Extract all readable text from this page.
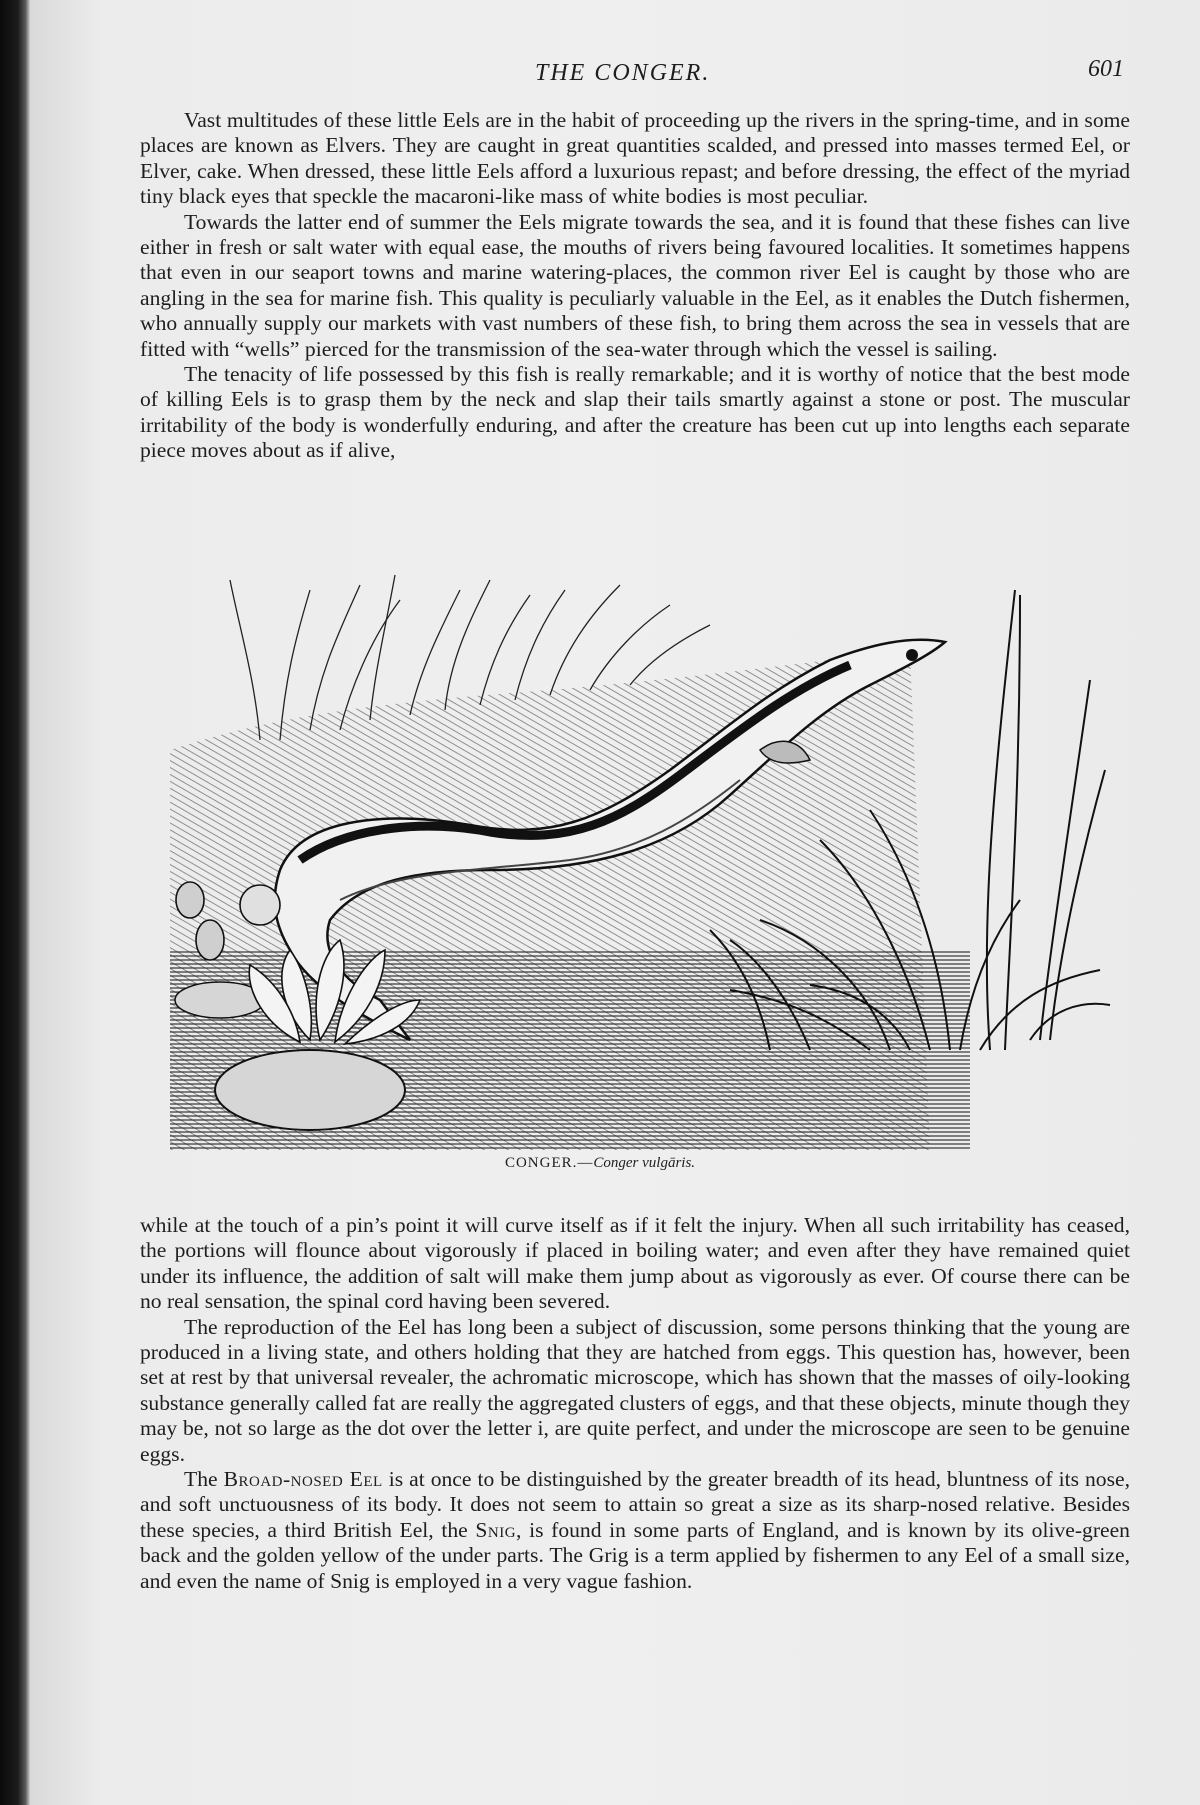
THE CONGER.	601

Vast multitudes of these little Eels are in the habit of proceeding up the rivers in the spring-time, and in some places are known as Elvers. They are caught in great quantities scalded, and pressed into masses termed Eel, or Elver, cake. When dressed, these little Eels afford a luxurious repast; and before dressing, the effect of the myriad tiny black eyes that speckle the macaroni-like mass of white bodies is most peculiar.

Towards the latter end of summer the Eels migrate towards the sea, and it is found that these fishes can live either in fresh or salt water with equal ease, the mouths of rivers being favoured localities. It sometimes happens that even in our seaport towns and marine watering-places, the common river Eel is caught by those who are angling in the sea for marine fish. This quality is peculiarly valuable in the Eel, as it enables the Dutch fishermen, who annually supply our markets with vast numbers of these fish, to bring them across the sea in vessels that are fitted with “wells” pierced for the transmission of the sea-water through which the vessel is sailing.

The tenacity of life possessed by this fish is really remarkable; and it is worthy of notice that the best mode of killing Eels is to grasp them by the neck and slap their tails smartly against a stone or post. The muscular irritability of the body is wonderfully enduring, and after the creature has been cut up into lengths each separate piece moves about as if alive,

CONGER.—Conger vulgāris.

while at the touch of a pin’s point it will curve itself as if it felt the injury. When all such irritability has ceased, the portions will flounce about vigorously if placed in boiling water; and even after they have remained quiet under its influence, the addition of salt will make them jump about as vigorously as ever. Of course there can be no real sensation, the spinal cord having been severed.

The reproduction of the Eel has long been a subject of discussion, some persons thinking that the young are produced in a living state, and others holding that they are hatched from eggs. This question has, however, been set at rest by that universal revealer, the achromatic microscope, which has shown that the masses of oily-looking substance generally called fat are really the aggregated clusters of eggs, and that these objects, minute though they may be, not so large as the dot over the letter i, are quite perfect, and under the microscope are seen to be genuine eggs.

The Broad-nosed Eel is at once to be distinguished by the greater breadth of its head, bluntness of its nose, and soft unctuousness of its body. It does not seem to attain so great a size as its sharp-nosed relative. Besides these species, a third British Eel, the Snig, is found in some parts of England, and is known by its olive-green back and the golden yellow of the under parts. The Grig is a term applied by fishermen to any Eel of a small size, and even the name of Snig is employed in a very vague fashion.
